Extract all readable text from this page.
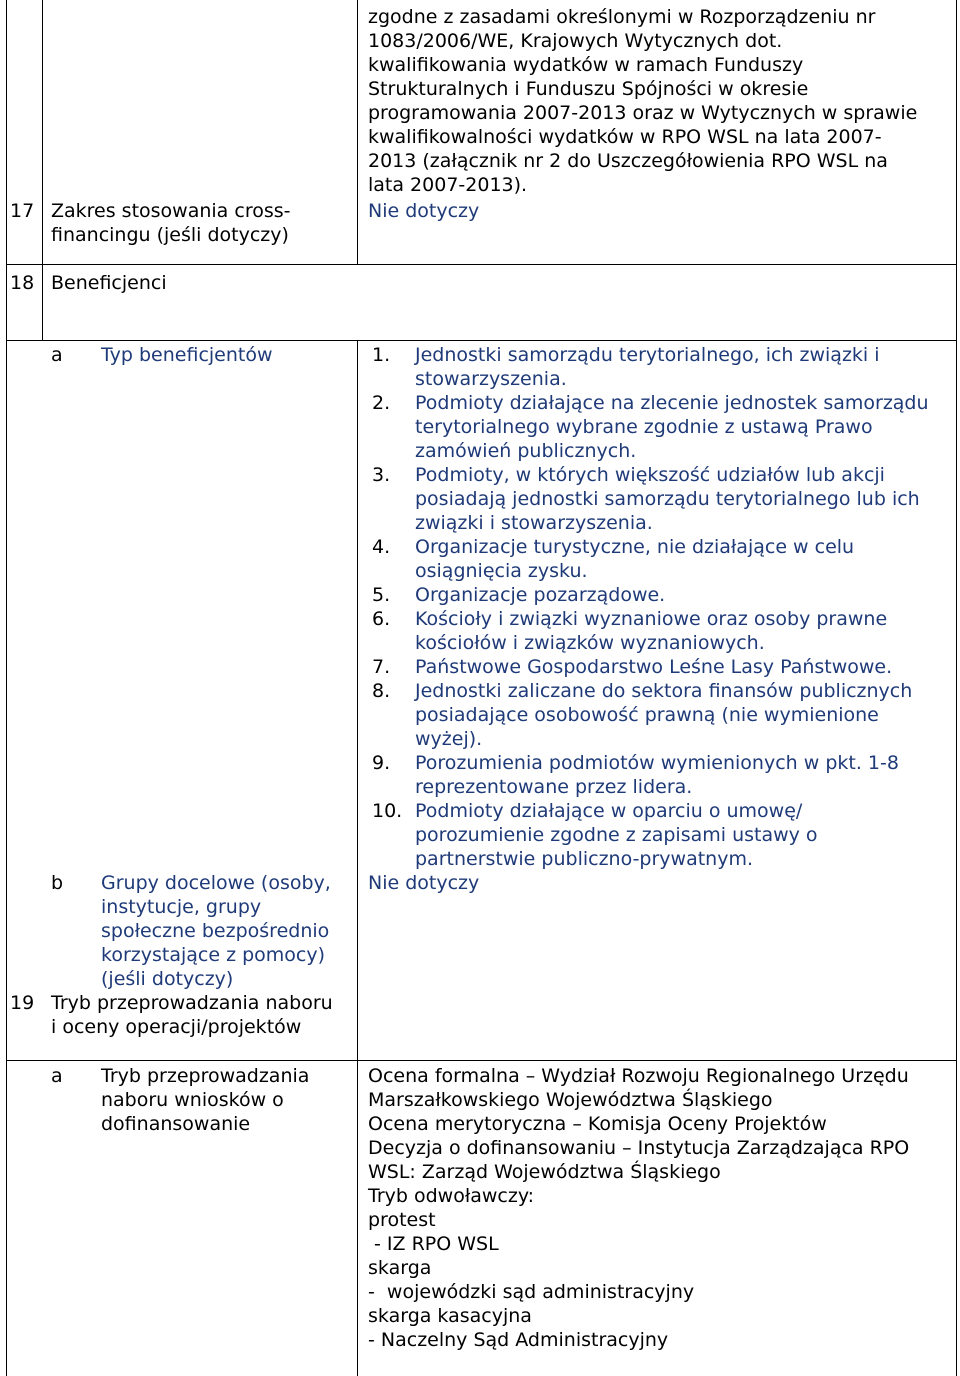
17 Zakres stosowania cross-
financingu (jeśli dotyczy)
zgodne z zasadami określonymi w Rozporządzeniu nr
1083/2006/WE, Krajowych Wytycznych dot.
kwalifikowania wydatków w ramach Funduszy
Strukturalnych i Funduszu Spójności w okresie
programowania 2007-2013 oraz w Wytycznych w sprawie
kwalifikowalności wydatków w RPO WSL na lata 2007-
2013 (załącznik nr 2 do Uszczegółowienia RPO WSL na
lata 2007-2013).
Nie dotyczy
18 Beneficjenci
a Typ beneficjentów	1. Jednostki samorządu terytorialnego, ich związki i
stowarzyszenia.
2. Podmioty działające na zlecenie jednostek samorządu
terytorialnego wybrane zgodnie z ustawą Prawo
zamówień publicznych.
3. Podmioty, w których większość udziałów lub akcji
posiadają jednostki samorządu terytorialnego lub ich
związki i stowarzyszenia.
4. Organizacje turystyczne, nie działające w celu
osiągnięcia zysku.
5. Organizacje pozarządowe.
6. Kościoły i związki wyznaniowe oraz osoby prawne
kościołów i związków wyznaniowych.
7. Państwowe Gospodarstwo Leśne Lasy Państwowe.
8. Jednostki zaliczane do sektora finansów publicznych
posiadające osobowość prawną (nie wymienione
wyżej).
9. Porozumienia podmiotów wymienionych w pkt. 1-8
reprezentowane przez lidera.
10. Podmioty działające w oparciu o umowę/
porozumienie zgodne z zapisami ustawy o
partnerstwie publiczno-prywatnym.
b Grupy docelowe (osoby,
instytucje, grupy
społeczne bezpośrednio
korzystające z pomocy)
(jeśli dotyczy)
Nie dotyczy
19 Tryb przeprowadzania naboru
i oceny operacji/projektów
a Tryb przeprowadzania
naboru wniosków o
dofinansowanie
Ocena formalna – Wydział Rozwoju Regionalnego Urzędu
Marszałkowskiego Województwa Śląskiego
Ocena merytoryczna – Komisja Oceny Projektów
Decyzja o dofinansowaniu – Instytucja Zarządzająca RPO
WSL: Zarząd Województwa Śląskiego
Tryb odwoławczy:
protest
- IZ RPO WSL
skarga
-  wojewódzki sąd administracyjny
skarga kasacyjna
- Naczelny Sąd Administracyjny
